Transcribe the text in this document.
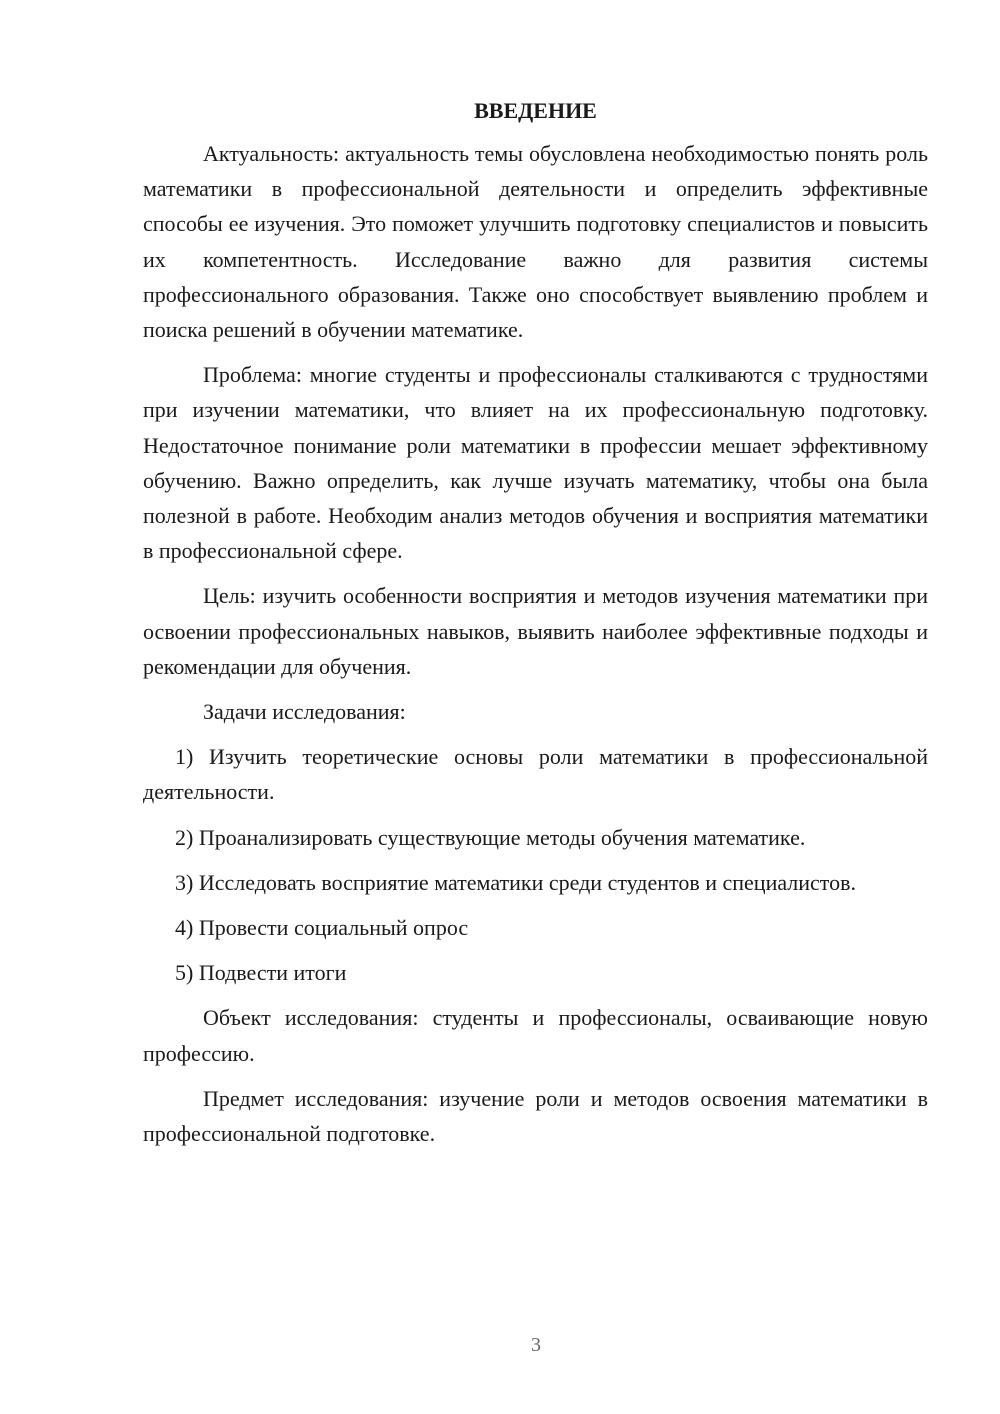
ВВЕДЕНИЕ

Актуальность: актуальность темы обусловлена необходимостью понять роль математики в профессиональной деятельности и определить эффективные способы ее изучения. Это поможет улучшить подготовку специалистов и повысить их компетентность. Исследование важно для развития системы профессионального образования. Также оно способствует выявлению проблем и поиска решений в обучении математике.

Проблема: многие студенты и профессионалы сталкиваются с трудностями при изучении математики, что влияет на их профессиональную подготовку. Недостаточное понимание роли математики в профессии мешает эффективному обучению. Важно определить, как лучше изучать математику, чтобы она была полезной в работе. Необходим анализ методов обучения и восприятия математики в профессиональной сфере.

Цель: изучить особенности восприятия и методов изучения математики при освоении профессиональных навыков, выявить наиболее эффективные подходы и рекомендации для обучения.

Задачи исследования:

1) Изучить теоретические основы роли математики в профессиональной деятельности.

2) Проанализировать существующие методы обучения математике.

3) Исследовать восприятие математики среди студентов и специалистов.

4) Провести социальный опрос

5) Подвести итоги

Объект исследования: студенты и профессионалы, осваивающие новую профессию.

Предмет исследования: изучение роли и методов освоения математики в профессиональной подготовке.

3
